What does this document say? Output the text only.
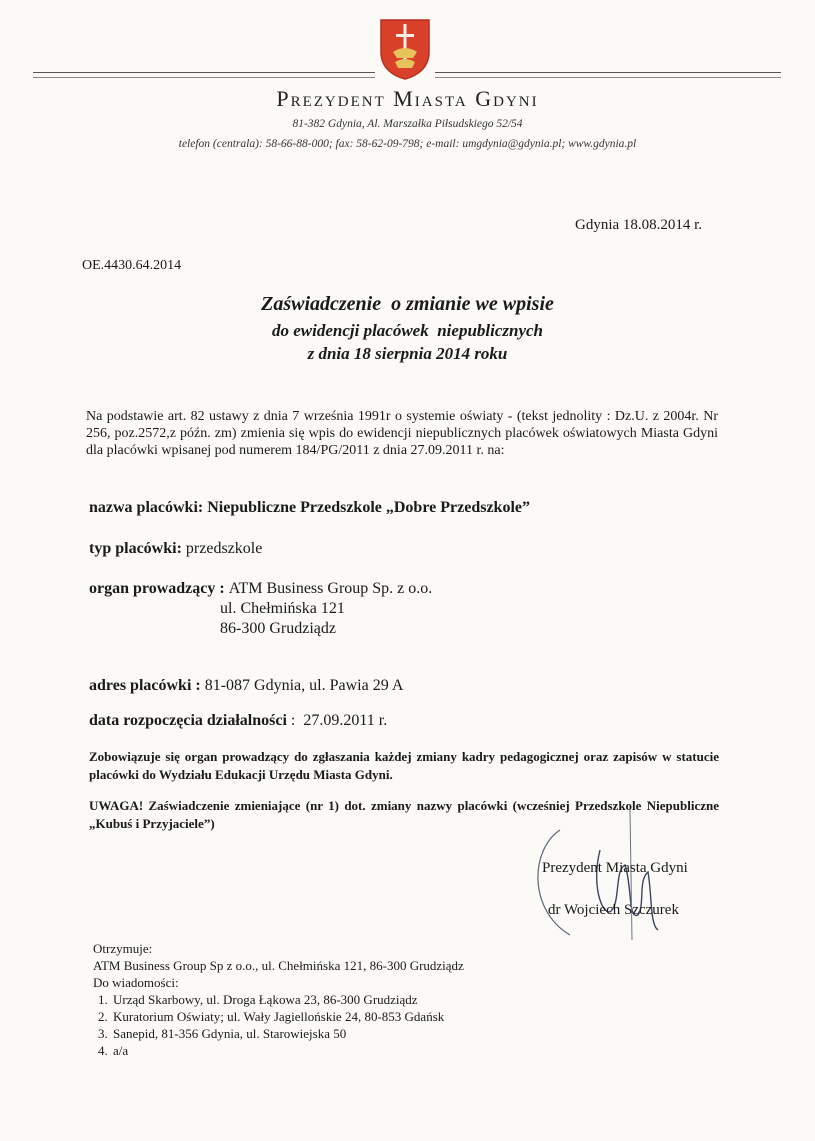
Prezydent Miasta Gdyni
81-382 Gdynia, Al. Marszałka Piłsudskiego 52/54
telefon (centrala): 58-66-88-000; fax: 58-62-09-798; e-mail: umgdynia@gdynia.pl; www.gdynia.pl
Gdynia 18.08.2014 r.
OE.4430.64.2014
Zaświadczenie  o zmianie we wpisie
do ewidencji placówek  niepublicznych
z dnia 18 sierpnia 2014 roku
Na podstawie art. 82 ustawy z dnia 7 września 1991r o systemie oświaty - (tekst jednolity : Dz.U. z 2004r. Nr 256, poz.2572,z późn. zm) zmienia się wpis do ewidencji niepublicznych placówek oświatowych Miasta Gdyni dla placówki wpisanej pod numerem 184/PG/2011 z dnia 27.09.2011 r. na:
nazwa placówki: Niepubliczne Przedszkole „Dobre Przedszkole”
typ placówki: przedszkole
organ prowadzący : ATM Business Group Sp. z o.o.
ul. Chełmińska 121
86-300 Grudziądz
adres placówki : 81-087 Gdynia, ul. Pawia 29 A
data rozpoczęcia działalności :  27.09.2011 r.
Zobowiązuje się organ prowadzący do zgłaszania każdej zmiany kadry pedagogicznej oraz zapisów w statucie placówki do Wydziału Edukacji Urzędu Miasta Gdyni.
UWAGA! Zaświadczenie zmieniające (nr 1) dot. zmiany nazwy placówki (wcześniej Przedszkole Niepubliczne „Kubuś i Przyjaciele”)
Prezydent Miasta Gdyni
dr Wojciech Szczurek
Otrzymuje:
ATM Business Group Sp z o.o., ul. Chełmińska 121, 86-300 Grudziądz
Do wiadomości:
1. Urząd Skarbowy, ul. Droga Łąkowa 23, 86-300 Grudziądz
2. Kuratorium Oświaty; ul. Wały Jagiellońskie 24, 80-853 Gdańsk
3. Sanepid, 81-356 Gdynia, ul. Starowiejska 50
4. a/a
